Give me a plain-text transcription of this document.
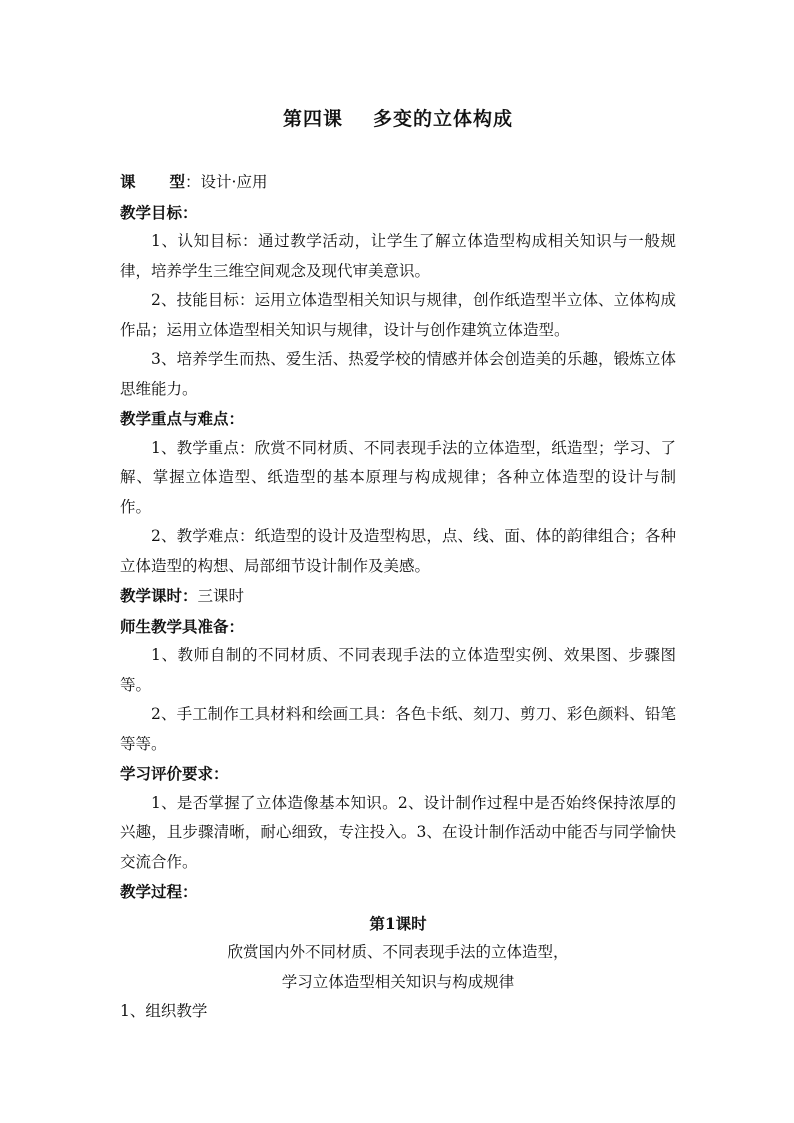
第四课 多变的立体构成

课 型：设计·应用

教学目标：

1、认知目标：通过教学活动，让学生了解立体造型构成相关知识与一般规律，培养学生三维空间观念及现代审美意识。

2、技能目标：运用立体造型相关知识与规律，创作纸造型半立体、立体构成作品；运用立体造型相关知识与规律，设计与创作建筑立体造型。

3、培养学生而热、爱生活、热爱学校的情感并体会创造美的乐趣，锻炼立体思维能力。

教学重点与难点：

1、教学重点：欣赏不同材质、不同表现手法的立体造型，纸造型；学习、了解、掌握立体造型、纸造型的基本原理与构成规律；各种立体造型的设计与制作。

2、教学难点：纸造型的设计及造型构思，点、线、面、体的韵律组合；各种立体造型的构想、局部细节设计制作及美感。

教学课时：三课时

师生教学具准备：

1、教师自制的不同材质、不同表现手法的立体造型实例、效果图、步骤图等。

2、手工制作工具材料和绘画工具：各色卡纸、刻刀、剪刀、彩色颜料、铅笔等等。

学习评价要求：

1、是否掌握了立体造像基本知识。2、设计制作过程中是否始终保持浓厚的兴趣，且步骤清晰，耐心细致，专注投入。3、在设计制作活动中能否与同学愉快交流合作。

教学过程：

第1课时

欣赏国内外不同材质、不同表现手法的立体造型，

学习立体造型相关知识与构成规律

1、组织教学
